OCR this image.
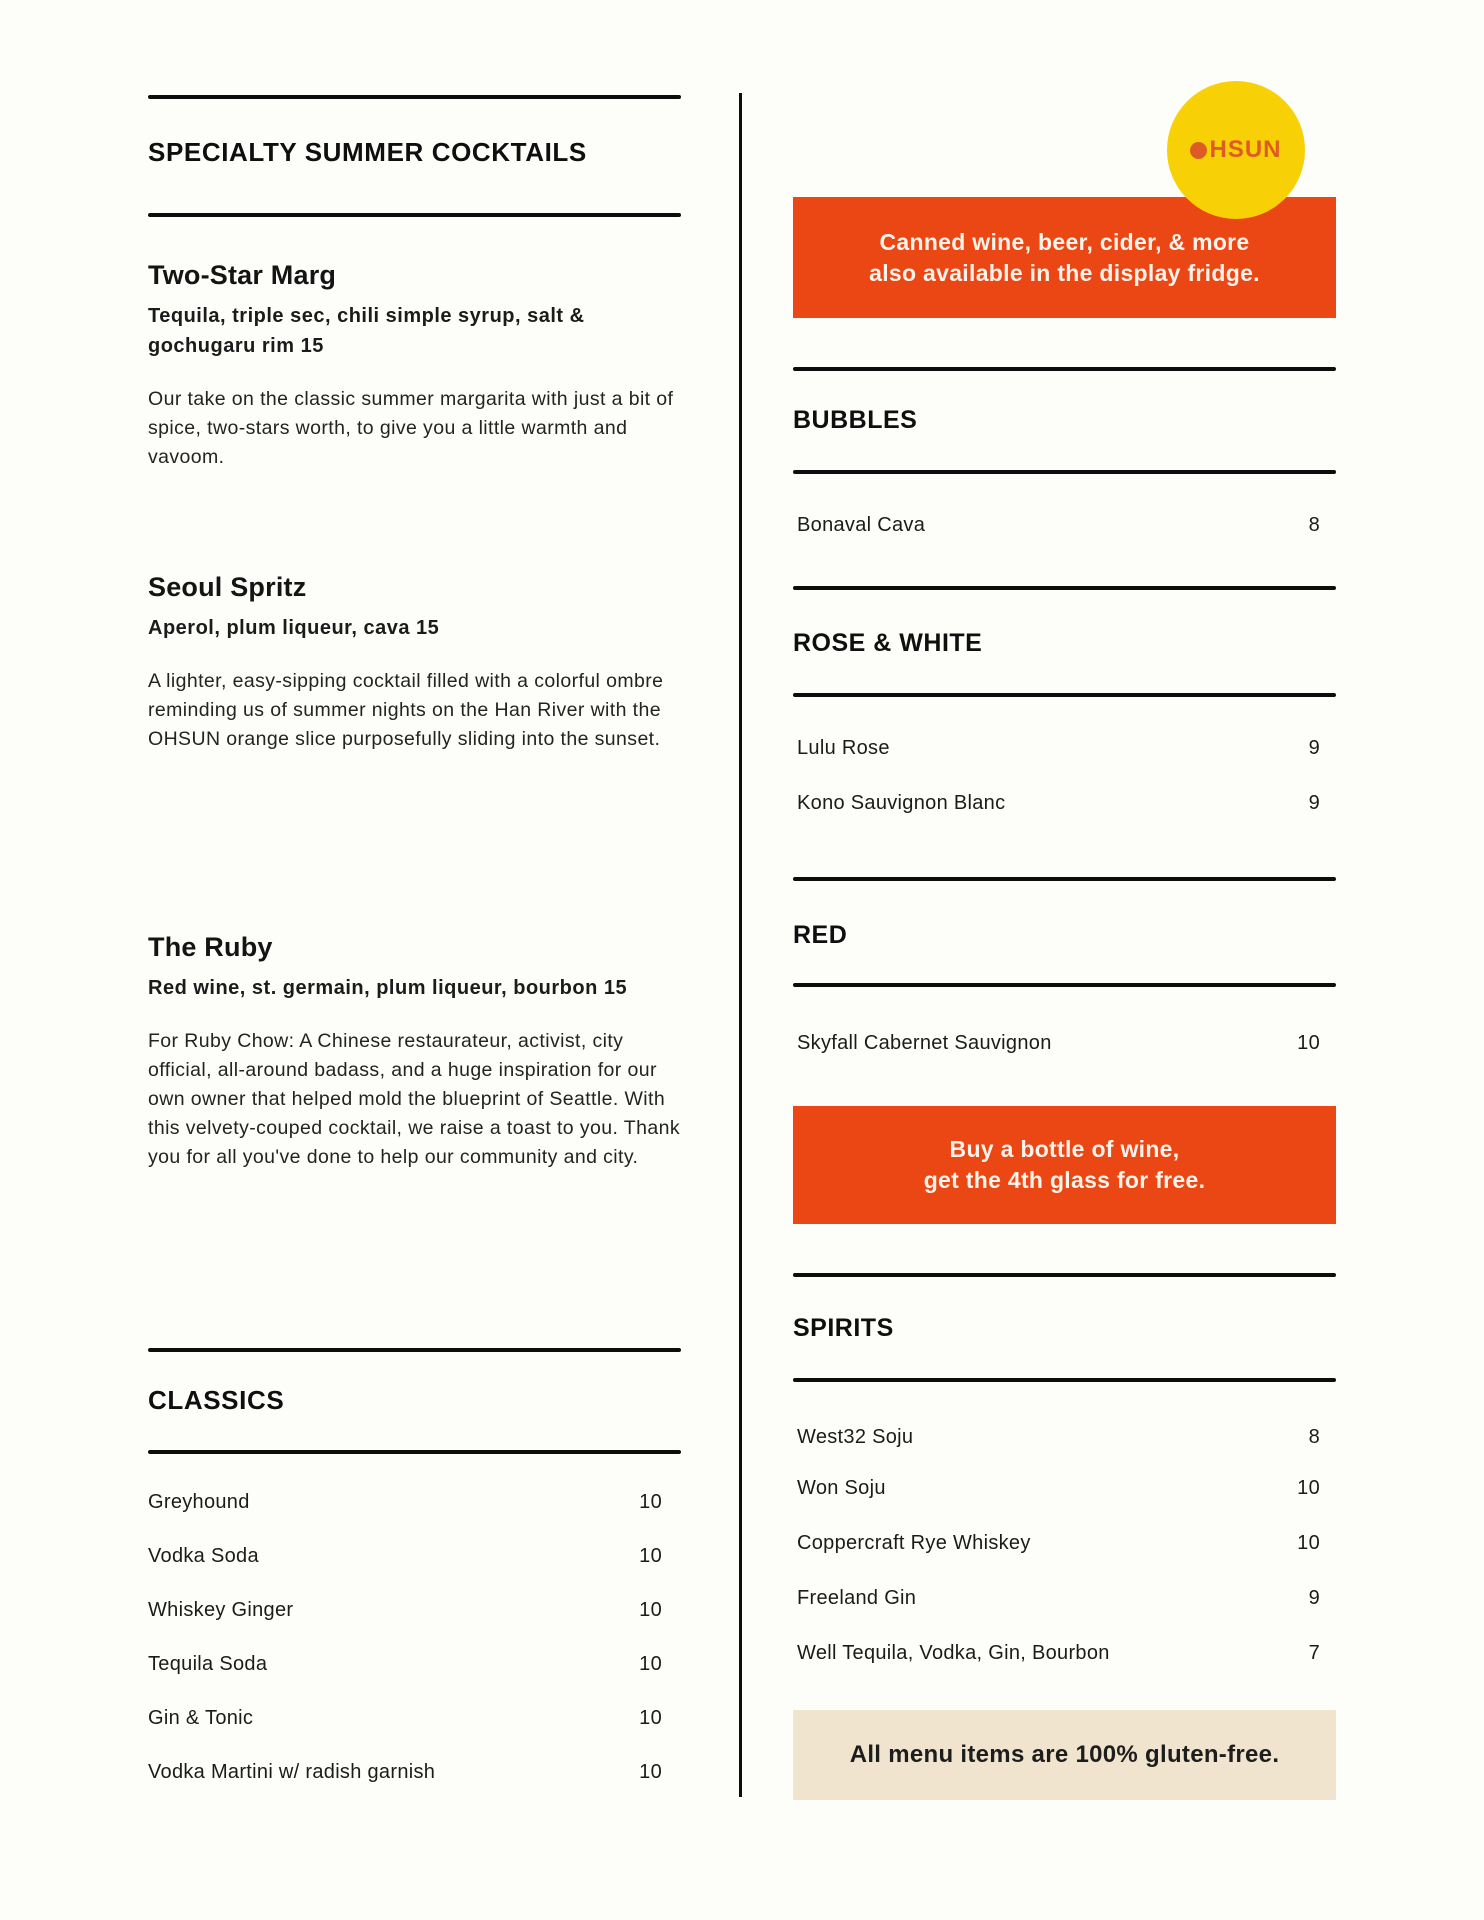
SPECIALTY SUMMER COCKTAILS
Two-Star Marg
Tequila, triple sec, chili simple syrup, salt & gochugaru rim 15
Our take on the classic summer margarita with just a bit of spice, two-stars worth, to give you a little warmth and vavoom.
Seoul Spritz
Aperol, plum liqueur, cava 15
A lighter, easy-sipping cocktail filled with a colorful ombre reminding us of summer nights on the Han River with the OHSUN orange slice purposefully sliding into the sunset.
The Ruby
Red wine, st. germain, plum liqueur, bourbon 15
For Ruby Chow: A Chinese restaurateur, activist, city official, all-around badass, and a huge inspiration for our own owner that helped mold the blueprint of Seattle. With this velvety-couped cocktail, we raise a toast to you. Thank you for all you've done to help our community and city.
CLASSICS
Greyhound	10
Vodka Soda	10
Whiskey Ginger	10
Tequila Soda	10
Gin & Tonic	10
Vodka Martini w/ radish garnish	10
Canned wine, beer, cider, & more
also available in the display fridge.
HSUN
BUBBLES
Bonaval Cava	8
ROSE & WHITE
Lulu Rose	9
Kono Sauvignon Blanc	9
RED
Skyfall Cabernet Sauvignon	10
Buy a bottle of wine,
get the 4th glass for free.
SPIRITS
West32 Soju	8
Won Soju	10
Coppercraft Rye Whiskey	10
Freeland Gin	9
Well Tequila, Vodka, Gin, Bourbon	7
All menu items are 100% gluten-free.
